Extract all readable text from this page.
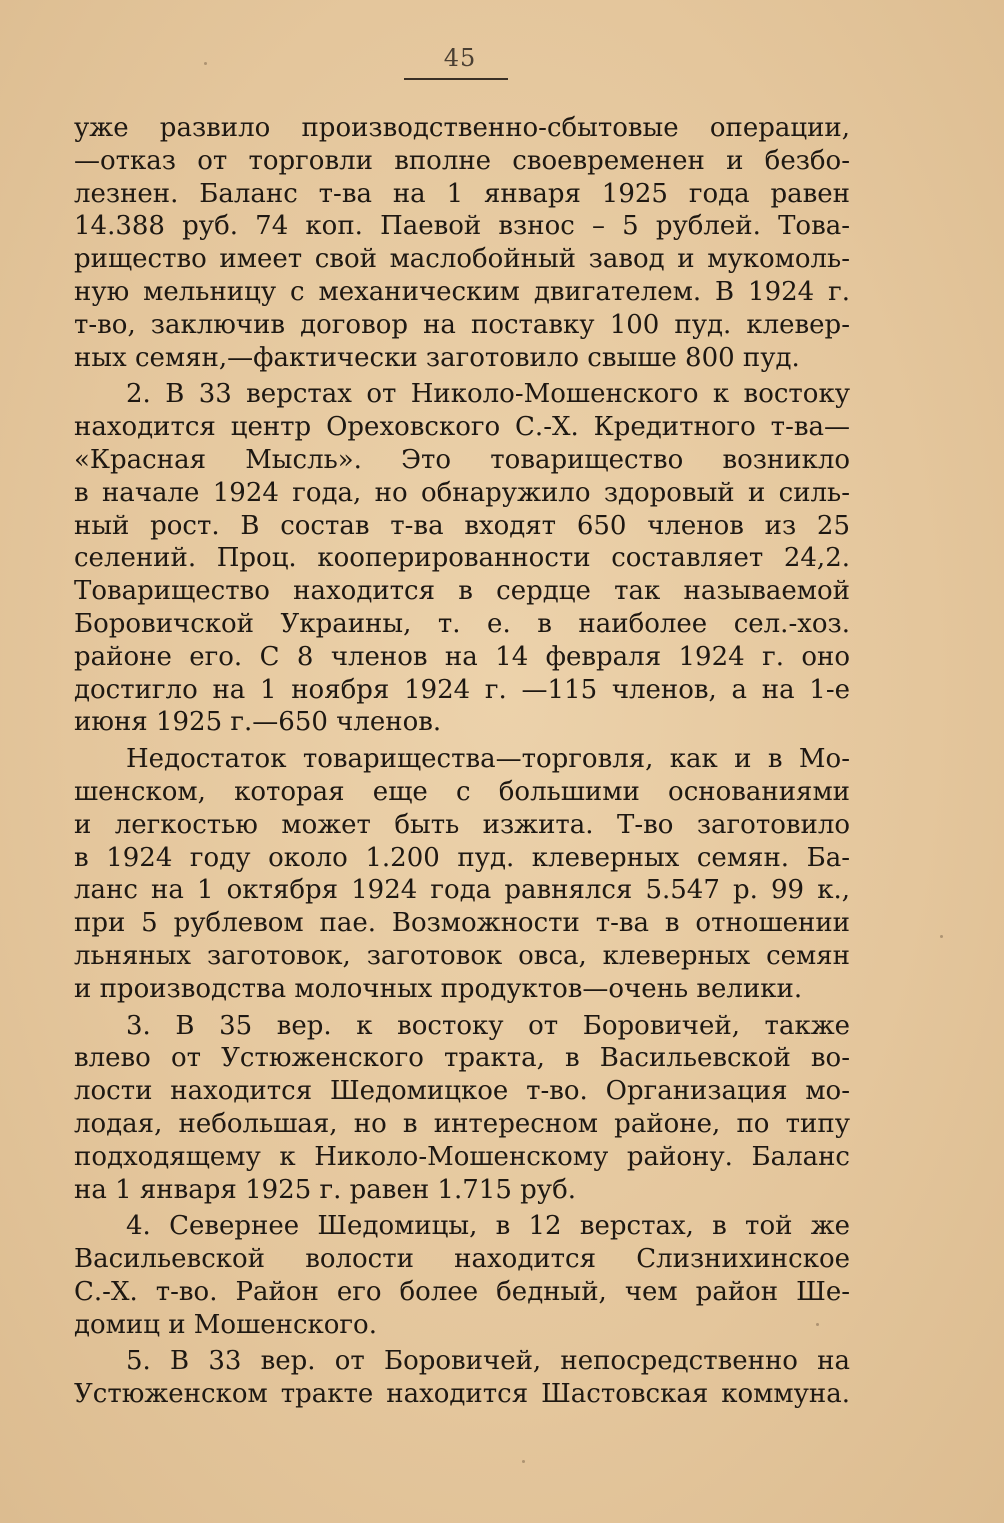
45
уже развило производственно-сбытовые операции,
—отказ от торговли вполне своевременен и безбо-
лезнен. Баланс т-ва на 1 января 1925 года равен
14.388 руб. 74 коп. Паевой взнос – 5 рублей. Това-
рищество имеет свой маслобойный завод и мукомоль-
ную мельницу с механическим двигателем. В 1924 г.
т-во, заключив договор на поставку 100 пуд. клевер-
ных семян,—фактически заготовило свыше 800 пуд.
2. В 33 верстах от Николо-Мошенского к востоку
находится центр Ореховского С.-Х. Кредитного т-ва—
«Красная Мысль». Это товарищество возникло
в начале 1924 года, но обнаружило здоровый и силь-
ный рост. В состав т-ва входят 650 членов из 25
селений. Проц. кооперированности составляет 24,2.
Товарищество находится в сердце так называемой
Боровичской Украины, т. е. в наиболее сел.-хоз.
районе его. С 8 членов на 14 февраля 1924 г. оно
достигло на 1 ноября 1924 г. —115 членов, а на 1-е
июня 1925 г.—650 членов.
Недостаток товарищества—торговля, как и в Мо-
шенском, которая еще с большими основаниями
и легкостью может быть изжита. Т-во заготовило
в 1924 году около 1.200 пуд. клеверных семян. Ба-
ланс на 1 октября 1924 года равнялся 5.547 р. 99 к.,
при 5 рублевом пае. Возможности т-ва в отношении
льняных заготовок, заготовок овса, клеверных семян
и производства молочных продуктов—очень велики.
3. В 35 вер. к востоку от Боровичей, также
влево от Устюженского тракта, в Васильевской во-
лости находится Шедомицкое т-во. Организация мо-
лодая, небольшая, но в интересном районе, по типу
подходящему к Николо-Мошенскому району. Баланс
на 1 января 1925 г. равен 1.715 руб.
4. Севернее Шедомицы, в 12 верстах, в той же
Васильевской волости находится Слизнихинское
С.-Х. т-во. Район его более бедный, чем район Ше-
домиц и Мошенского.
5. В 33 вер. от Боровичей, непосредственно на
Устюженском тракте находится Шастовская коммуна.
